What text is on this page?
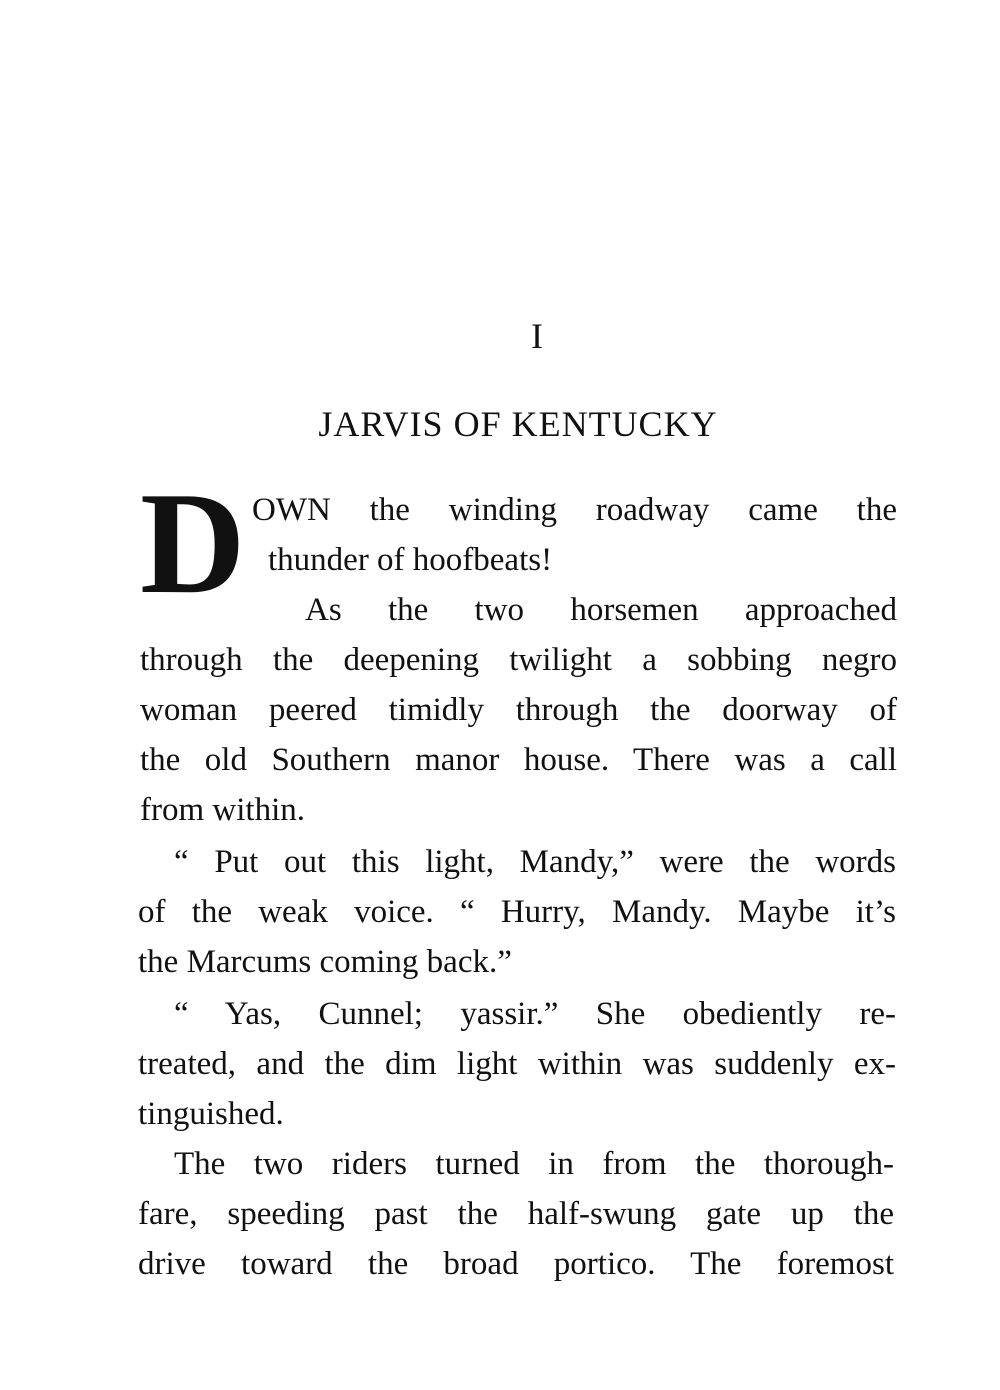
I
JARVIS OF KENTUCKY
D OWN the winding roadway came the
thunder of hoofbeats!
As the two horsemen approached
through the deepening twilight a sobbing negro
woman peered timidly through the doorway of
the old Southern manor house. There was a call
from within.
“ Put out this light, Mandy,” were the words
of the weak voice. “ Hurry, Mandy. Maybe it’s
the Marcums coming back.”
“ Yas, Cunnel; yassir.” She obediently re-
treated, and the dim light within was suddenly ex-
tinguished.
The two riders turned in from the thorough-
fare, speeding past the half-swung gate up the
drive toward the broad portico. The foremost
